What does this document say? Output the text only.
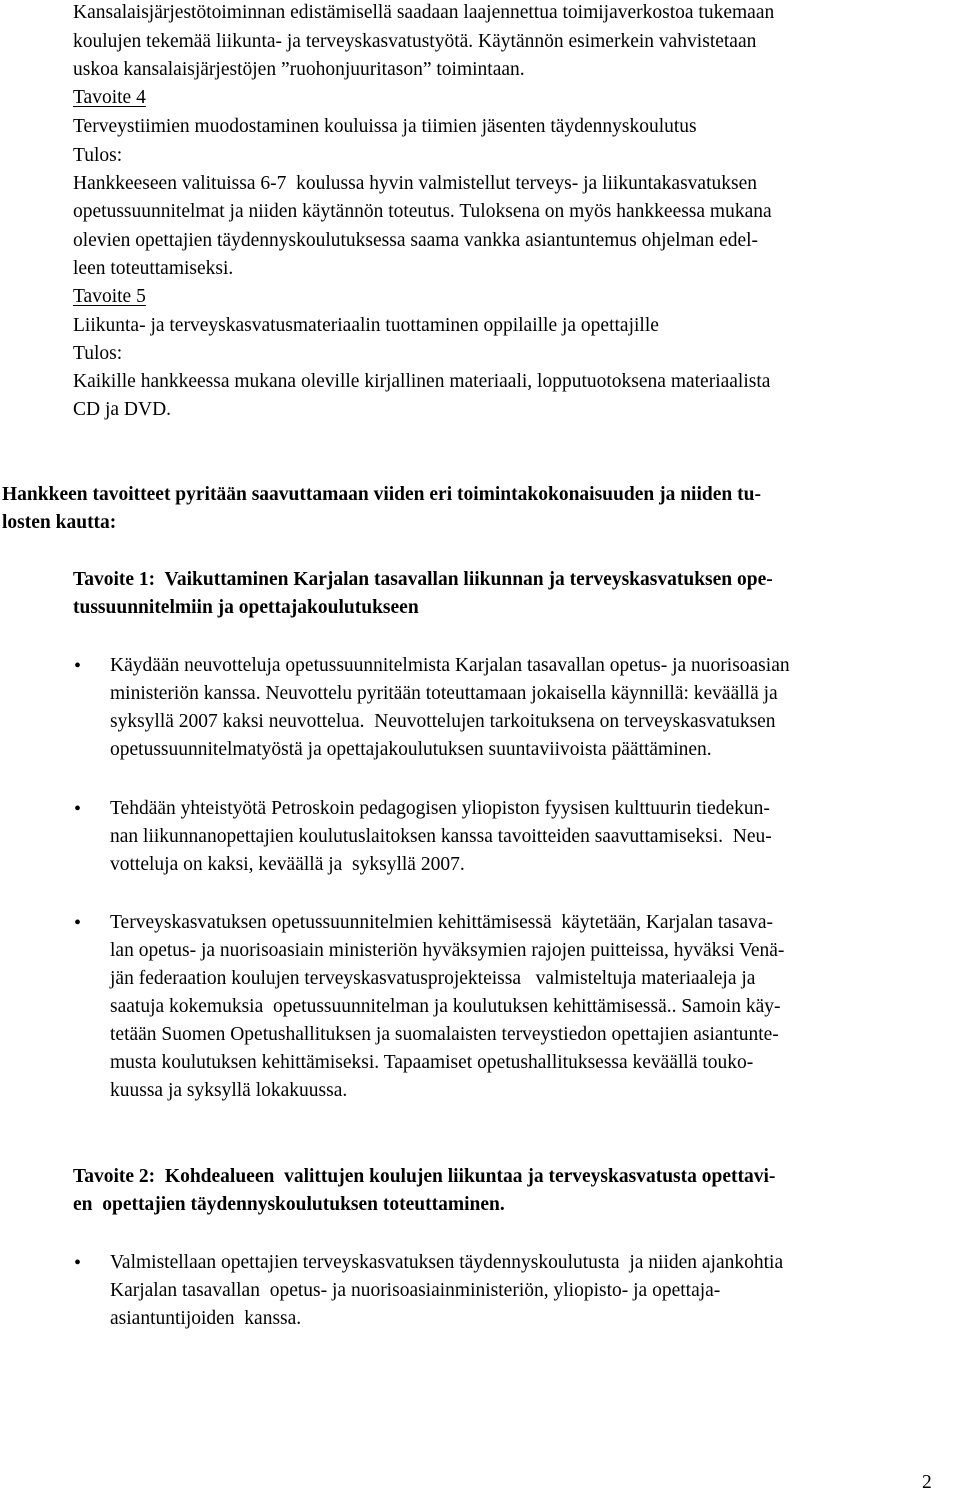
Kansalaisjärjestötoiminnan edistämisellä saadaan laajennettua toimijaverkostoa tukemaan
koulujen tekemää liikunta- ja terveyskasvatustyötä. Käytännön esimerkein vahvistetaan
uskoa kansalaisjärjestöjen ”ruohonjuuritason” toimintaan.
Tavoite 4
Terveystiimien muodostaminen kouluissa ja tiimien jäsenten täydennyskoulutus
Tulos:
Hankkeeseen valituissa 6-7  koulussa hyvin valmistellut terveys- ja liikuntakasvatuksen
opetussuunnitelmat ja niiden käytännön toteutus. Tuloksena on myös hankkeessa mukana
olevien opettajien täydennyskoulutuksessa saama vankka asiantuntemus ohjelman edel-
leen toteuttamiseksi.
Tavoite 5
Liikunta- ja terveyskasvatusmateriaalin tuottaminen oppilaille ja opettajille
Tulos:
Kaikille hankkeessa mukana oleville kirjallinen materiaali, lopputuotoksena materiaalista
CD ja DVD.
Hankkeen tavoitteet pyritään saavuttamaan viiden eri toimintakokonaisuuden ja niiden tu-
losten kautta:
Tavoite 1:  Vaikuttaminen Karjalan tasavallan liikunnan ja terveyskasvatuksen ope-
tussuunnitelmiin ja opettajakoulutukseen
• Käydään neuvotteluja opetussuunnitelmista Karjalan tasavallan opetus- ja nuorisoasian
ministeriön kanssa. Neuvottelu pyritään toteuttamaan jokaisella käynnillä: keväällä ja
syksyllä 2007 kaksi neuvottelua.  Neuvottelujen tarkoituksena on terveyskasvatuksen
opetussuunnitelmatyöstä ja opettajakoulutuksen suuntaviivoista päättäminen.
• Tehdään yhteistyötä Petroskoin pedagogisen yliopiston fyysisen kulttuurin tiedekun-
nan liikunnanopettajien koulutuslaitoksen kanssa tavoitteiden saavuttamiseksi.  Neu-
votteluja on kaksi, keväällä ja  syksyllä 2007.
• Terveyskasvatuksen opetussuunnitelmien kehittämisessä  käytetään, Karjalan tasava-
lan opetus- ja nuorisoasiain ministeriön hyväksymien rajojen puitteissa, hyväksi Venä-
jän federaation koulujen terveyskasvatusprojekteissa   valmisteltuja materiaaleja ja
saatuja kokemuksia  opetussuunnitelman ja koulutuksen kehittämisessä.. Samoin käy-
tetään Suomen Opetushallituksen ja suomalaisten terveystiedon opettajien asiantunte-
musta koulutuksen kehittämiseksi. Tapaamiset opetushallituksessa keväällä touko-
kuussa ja syksyllä lokakuussa.
Tavoite 2:  Kohdealueen  valittujen koulujen liikuntaa ja terveyskasvatusta opettavi-
en  opettajien täydennyskoulutuksen toteuttaminen.
• Valmistellaan opettajien terveyskasvatuksen täydennyskoulutusta  ja niiden ajankohtia
Karjalan tasavallan  opetus- ja nuorisoasiainministeriön, yliopisto- ja opettaja-
asiantuntijoiden  kanssa.
2
